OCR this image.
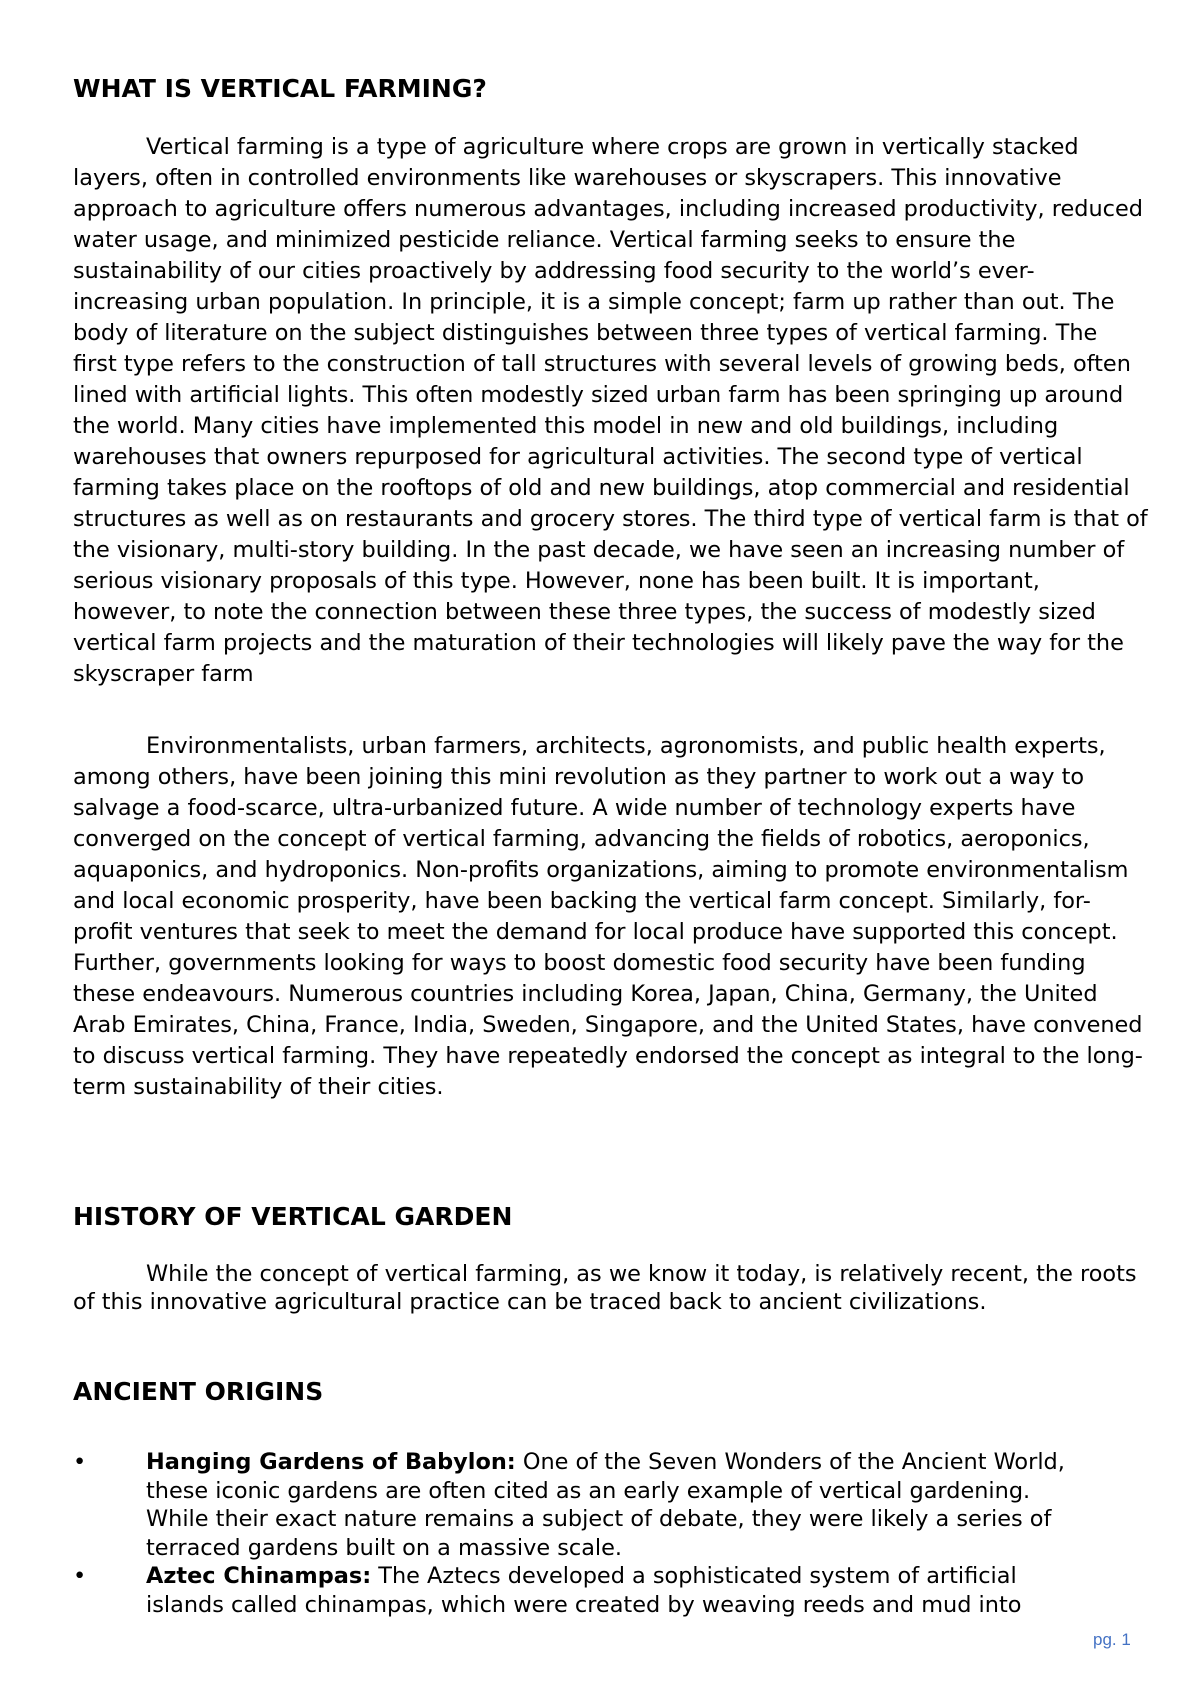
WHAT IS VERTICAL FARMING?

Vertical farming is a type of agriculture where crops are grown in vertically stacked layers, often in controlled environments like warehouses or skyscrapers. This innovative approach to agriculture offers numerous advantages, including increased productivity, reduced water usage, and minimized pesticide reliance. Vertical farming seeks to ensure the sustainability of our cities proactively by addressing food security to the world’s ever-increasing urban population. In principle, it is a simple concept; farm up rather than out. The body of literature on the subject distinguishes between three types of vertical farming. The first type refers to the construction of tall structures with several levels of growing beds, often lined with artificial lights. This often modestly sized urban farm has been springing up around the world. Many cities have implemented this model in new and old buildings, including warehouses that owners repurposed for agricultural activities. The second type of vertical farming takes place on the rooftops of old and new buildings, atop commercial and residential structures as well as on restaurants and grocery stores. The third type of vertical farm is that of the visionary, multi-story building. In the past decade, we have seen an increasing number of serious visionary proposals of this type. However, none has been built. It is important, however, to note the connection between these three types, the success of modestly sized vertical farm projects and the maturation of their technologies will likely pave the way for the skyscraper farm

Environmentalists, urban farmers, architects, agronomists, and public health experts, among others, have been joining this mini revolution as they partner to work out a way to salvage a food-scarce, ultra-urbanized future. A wide number of technology experts have converged on the concept of vertical farming, advancing the fields of robotics, aeroponics, aquaponics, and hydroponics. Non-profits organizations, aiming to promote environmentalism and local economic prosperity, have been backing the vertical farm concept. Similarly, for-profit ventures that seek to meet the demand for local produce have supported this concept. Further, governments looking for ways to boost domestic food security have been funding these endeavours. Numerous countries including Korea, Japan, China, Germany, the United Arab Emirates, China, France, India, Sweden, Singapore, and the United States, have convened to discuss vertical farming. They have repeatedly endorsed the concept as integral to the long-term sustainability of their cities.

HISTORY OF VERTICAL GARDEN

While the concept of vertical farming, as we know it today, is relatively recent, the roots of this innovative agricultural practice can be traced back to ancient civilizations.

ANCIENT ORIGINS
•	Hanging Gardens of Babylon: One of the Seven Wonders of the Ancient World, these iconic gardens are often cited as an early example of vertical gardening. While their exact nature remains a subject of debate, they were likely a series of terraced gardens built on a massive scale.
•	Aztec Chinampas: The Aztecs developed a sophisticated system of artificial islands called chinampas, which were created by weaving reeds and mud into
pg. 1
